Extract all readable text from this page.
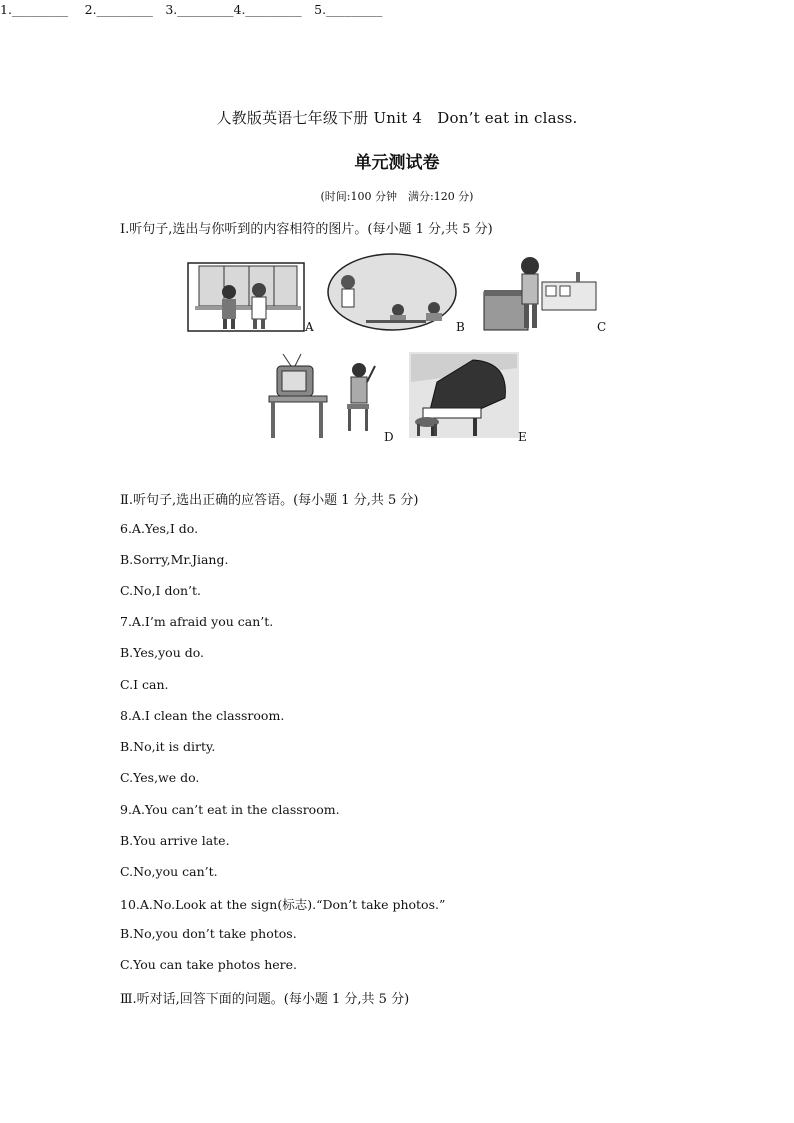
人教版英语七年级下册 Unit 4　Don’t eat in class.
单元测试卷
(时间:100 分钟　满分:120 分)
Ⅰ.听句子,选出与你听到的内容相符的图片。(每小题 1 分,共 5 分)
A	B	C
D	E
1._________　 2._________　3._________4._________　5._________
Ⅱ.听句子,选出正确的应答语。(每小题 1 分,共 5 分)
6.A.Yes,I do.
B.Sorry,Mr.Jiang.
C.No,I don’t.
7.A.I’m afraid you can’t.
B.Yes,you do.
C.I can.
8.A.I clean the classroom.
B.No,it is dirty.
C.Yes,we do.
9.A.You can’t eat in the classroom.
B.You arrive late.
C.No,you can’t.
10.A.No.Look at the sign(标志).“Don’t take photos.”
B.No,you don’t take photos.
C.You can take photos here.
Ⅲ.听对话,回答下面的问题。(每小题 1 分,共 5 分)
